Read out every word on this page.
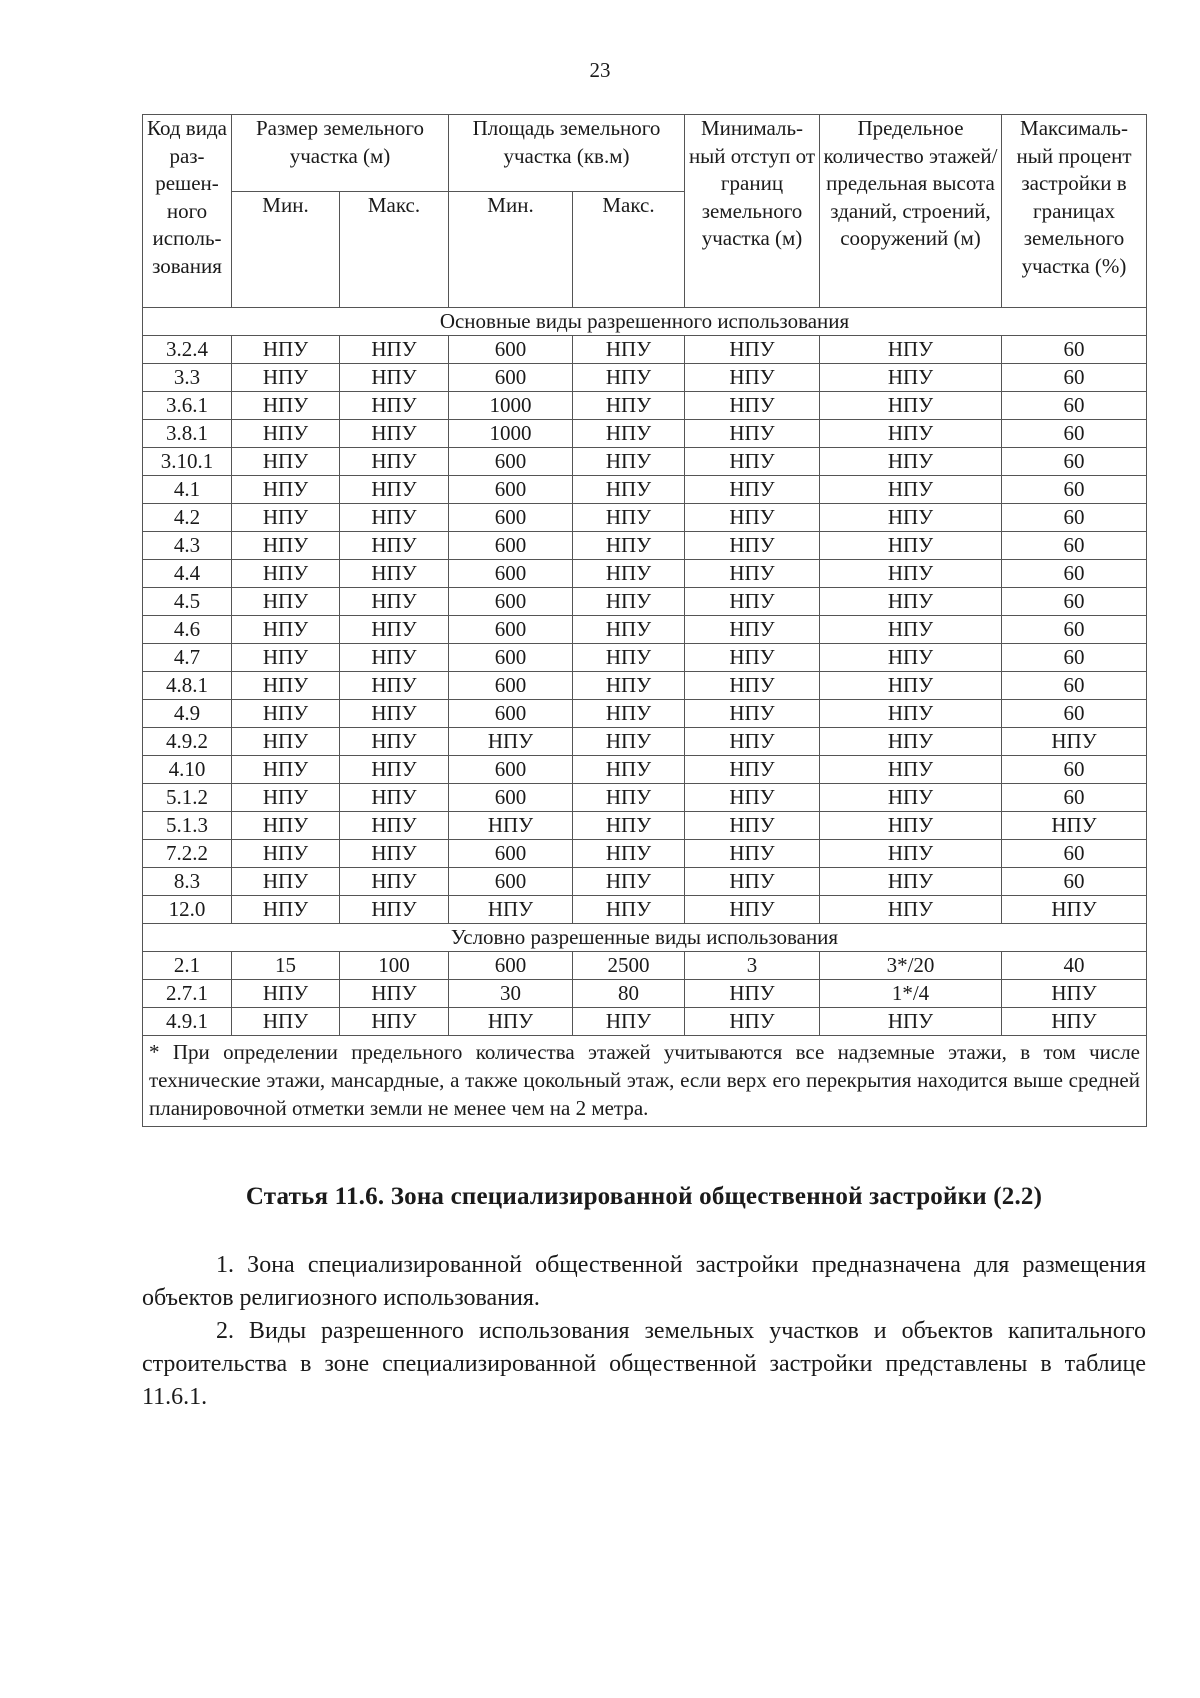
23
Код вида раз-решен-ного исполь-зования	Размер земельного участка (м)		Площадь земельного участка (кв.м)		Минималь-ный отступ от границ земельного участка (м)	Предельное количество этажей/ предельная высота зданий, строений, сооружений (м)	Максималь-ный процент застройки в границах земельного участка (%)
	Мин.	Макс.	Мин.	Макс.			
Основные виды разрешенного использования							
3.2.4	НПУ	НПУ	600	НПУ	НПУ	НПУ	60
3.3	НПУ	НПУ	600	НПУ	НПУ	НПУ	60
3.6.1	НПУ	НПУ	1000	НПУ	НПУ	НПУ	60
3.8.1	НПУ	НПУ	1000	НПУ	НПУ	НПУ	60
3.10.1	НПУ	НПУ	600	НПУ	НПУ	НПУ	60
4.1	НПУ	НПУ	600	НПУ	НПУ	НПУ	60
4.2	НПУ	НПУ	600	НПУ	НПУ	НПУ	60
4.3	НПУ	НПУ	600	НПУ	НПУ	НПУ	60
4.4	НПУ	НПУ	600	НПУ	НПУ	НПУ	60
4.5	НПУ	НПУ	600	НПУ	НПУ	НПУ	60
4.6	НПУ	НПУ	600	НПУ	НПУ	НПУ	60
4.7	НПУ	НПУ	600	НПУ	НПУ	НПУ	60
4.8.1	НПУ	НПУ	600	НПУ	НПУ	НПУ	60
4.9	НПУ	НПУ	600	НПУ	НПУ	НПУ	60
4.9.2	НПУ	НПУ	НПУ	НПУ	НПУ	НПУ	НПУ
4.10	НПУ	НПУ	600	НПУ	НПУ	НПУ	60
5.1.2	НПУ	НПУ	600	НПУ	НПУ	НПУ	60
5.1.3	НПУ	НПУ	НПУ	НПУ	НПУ	НПУ	НПУ
7.2.2	НПУ	НПУ	600	НПУ	НПУ	НПУ	60
8.3	НПУ	НПУ	600	НПУ	НПУ	НПУ	60
12.0	НПУ	НПУ	НПУ	НПУ	НПУ	НПУ	НПУ
Условно разрешенные виды использования							
2.1	15	100	600	2500	3	3*/20	40
2.7.1	НПУ	НПУ	30	80	НПУ	1*/4	НПУ
4.9.1	НПУ	НПУ	НПУ	НПУ	НПУ	НПУ	НПУ
* При определении предельного количества этажей учитываются все надземные этажи, в том числе технические этажи, мансардные, а также цокольный этаж, если верх его перекрытия находится выше средней планировочной отметки земли не менее чем на 2 метра.							
Статья 11.6. Зона специализированной общественной застройки (2.2)

1. Зона специализированной общественной застройки предназначена для размещения объектов религиозного использования.

2. Виды разрешенного использования земельных участков и объектов капитального строительства в зоне специализированной общественной застройки представлены в таблице 11.6.1.
